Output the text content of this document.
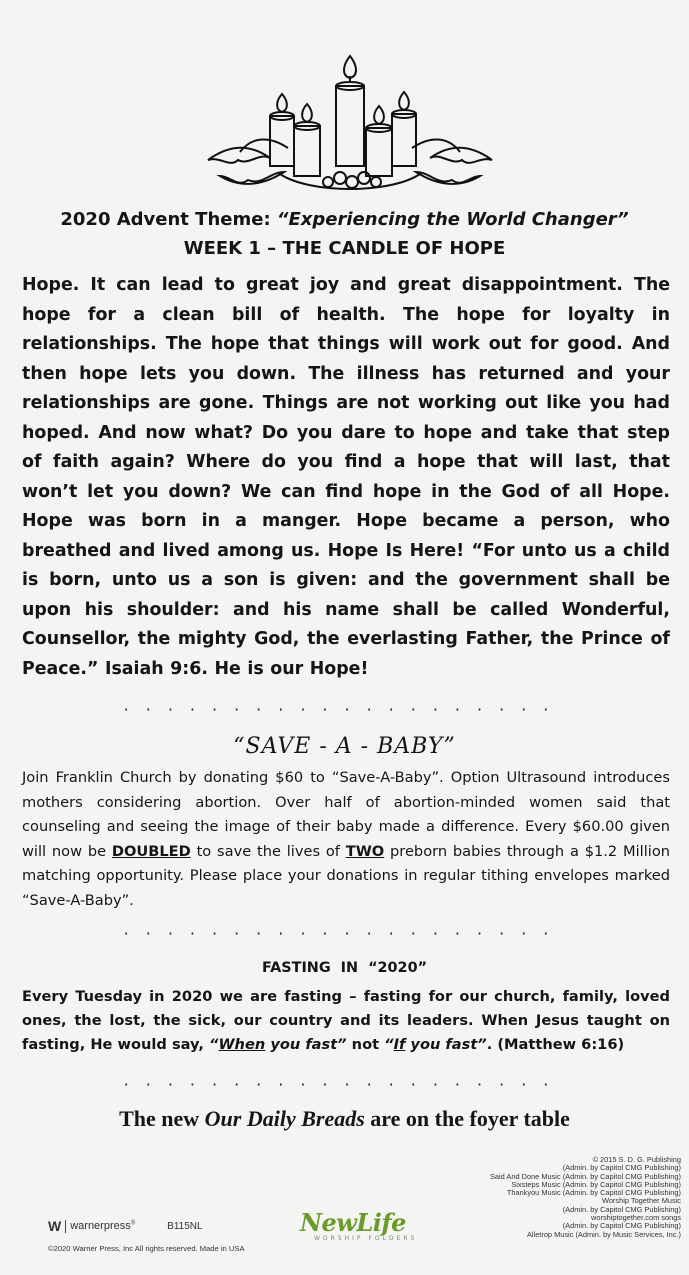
2020 Advent Theme: “Experiencing the World Changer”
WEEK 1 – THE CANDLE OF HOPE
Hope. It can lead to great joy and great disappointment. The hope for a clean bill of health. The hope for loyalty in relationships. The hope that things will work out for good. And then hope lets you down. The illness has returned and your relationships are gone. Things are not working out like you had hoped. And now what? Do you dare to hope and take that step of faith again? Where do you find a hope that will last, that won’t let you down? We can find hope in the God of all Hope. Hope was born in a manger. Hope became a person, who breathed and lived among us. Hope Is Here! “For unto us a child is born, unto us a son is given: and the government shall be upon his shoulder: and his name shall be called Wonderful, Counsellor, the mighty God, the everlasting Father, the Prince of Peace.” Isaiah 9:6. He is our Hope!
····················
“SAVE - A - BABY”
Join Franklin Church by donating $60 to “Save-A-Baby”. Option Ultrasound introduces mothers considering abortion. Over half of abortion-minded women said that counseling and seeing the image of their baby made a difference. Every $60.00 given will now be DOUBLED to save the lives of TWO preborn babies through a $1.2 Million matching opportunity. Please place your donations in regular tithing envelopes marked “Save-A-Baby”.
····················
FASTING IN “2020”
Every Tuesday in 2020 we are fasting – fasting for our church, family, loved ones, the lost, the sick, our country and its leaders. When Jesus taught on fasting, He would say, “When you fast” not “If you fast”. (Matthew 6:16)
····················
The new Our Daily Breads are on the foyer table
© 2015 S. D. G. Publishing
(Admin. by Capitol CMG Publishing)
Said And Done Music (Admin. by Capitol CMG Publishing)
Sixsteps Music (Admin. by Capitol CMG Publishing)
Thankyou Music (Admin. by Capitol CMG Publishing)
Worship Together Music
(Admin. by Capitol CMG Publishing)
worshiptogether.com songs
(Admin. by Capitol CMG Publishing)
Alletrop Music (Admin. by Music Services, Inc.)
W warnerpress®	B115NL
©2020 Warner Press, Inc All rights reserved. Made in USA
NewLife
WORSHIP FOLDERS
